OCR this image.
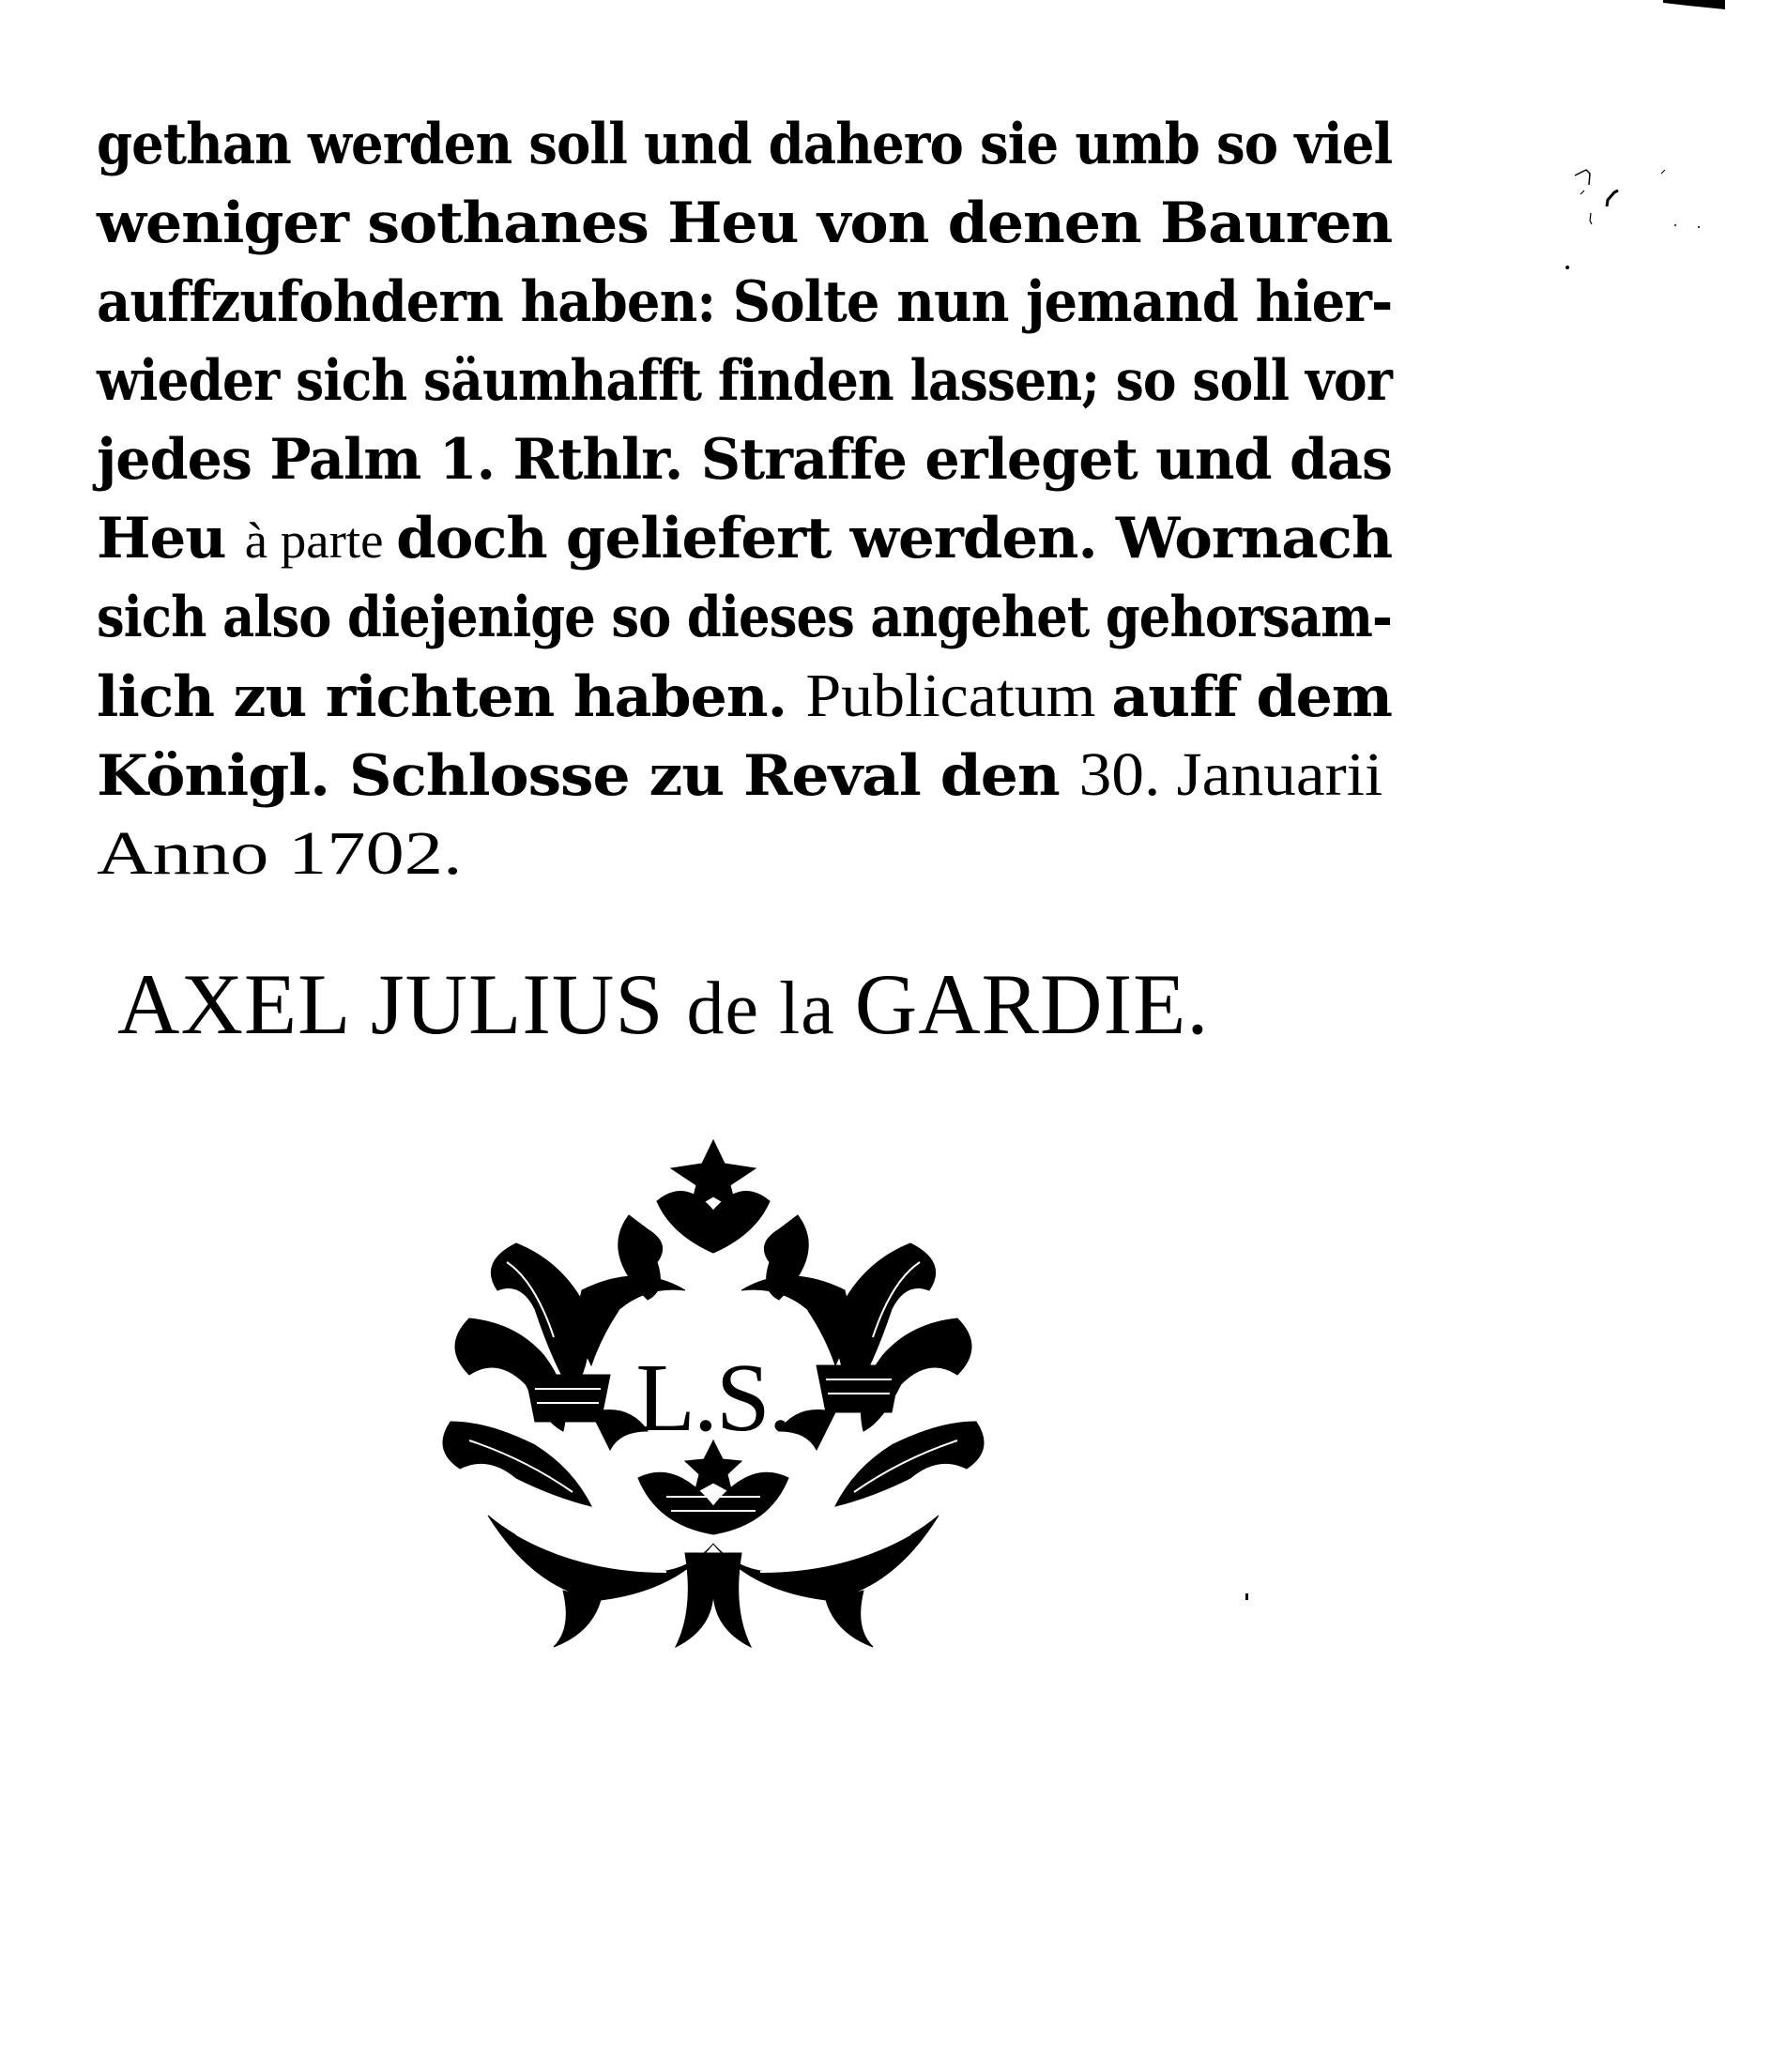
gethan werden soll und dahero sie umb so viel
weniger sothanes Heu von denen Bauren
auffzufohdern haben: Solte nun jemand hier-
wieder sich säumhafft finden lassen; so soll vor
jedes Palm 1. Rthlr. Straffe erleget und das
Heu à parte doch geliefert werden. Wornach
sich also diejenige so dieses angehet gehorsam-
lich zu richten haben. Publicatum auff dem
Königl. Schlosse zu Reval den 30. Januarii
Anno 1702.
AXEL JULIUS de la GARDIE.
L.S.
